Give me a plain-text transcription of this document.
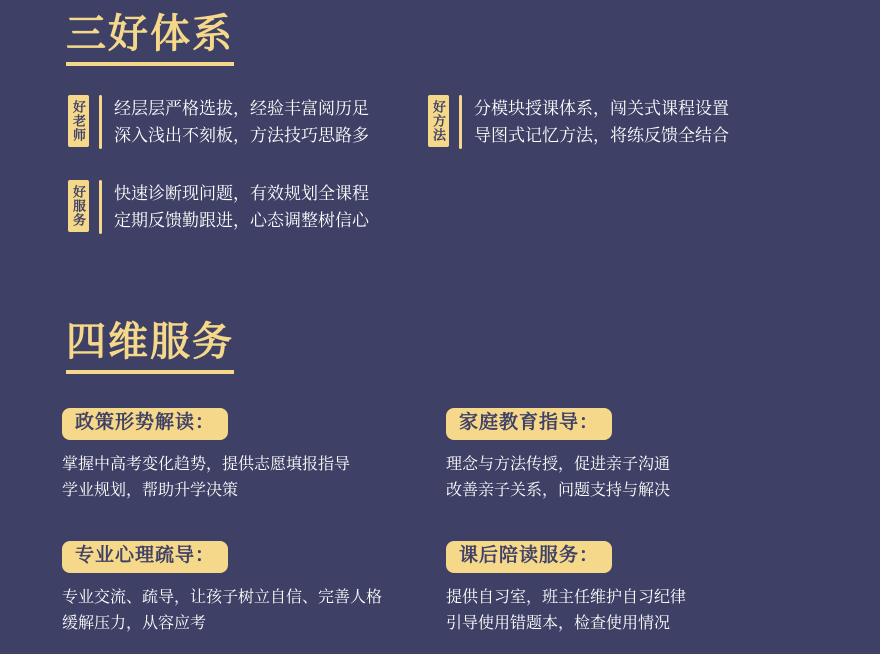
三好体系
好老师 经层层严格选拔，经验丰富阅历足
深入浅出不刻板，方法技巧思路多	好方法 分模块授课体系，闯关式课程设置
导图式记忆方法，将练反馈全结合
好服务 快速诊断现问题，有效规划全课程
定期反馈勤跟进，心态调整树信心
四维服务
政策形势解读：
掌握中高考变化趋势，提供志愿填报指导
学业规划，帮助升学决策
家庭教育指导：
理念与方法传授，促进亲子沟通
改善亲子关系，问题支持与解决
专业心理疏导：
专业交流、疏导，让孩子树立自信、完善人格
缓解压力，从容应考
课后陪读服务：
提供自习室，班主任维护自习纪律
引导使用错题本，检查使用情况
